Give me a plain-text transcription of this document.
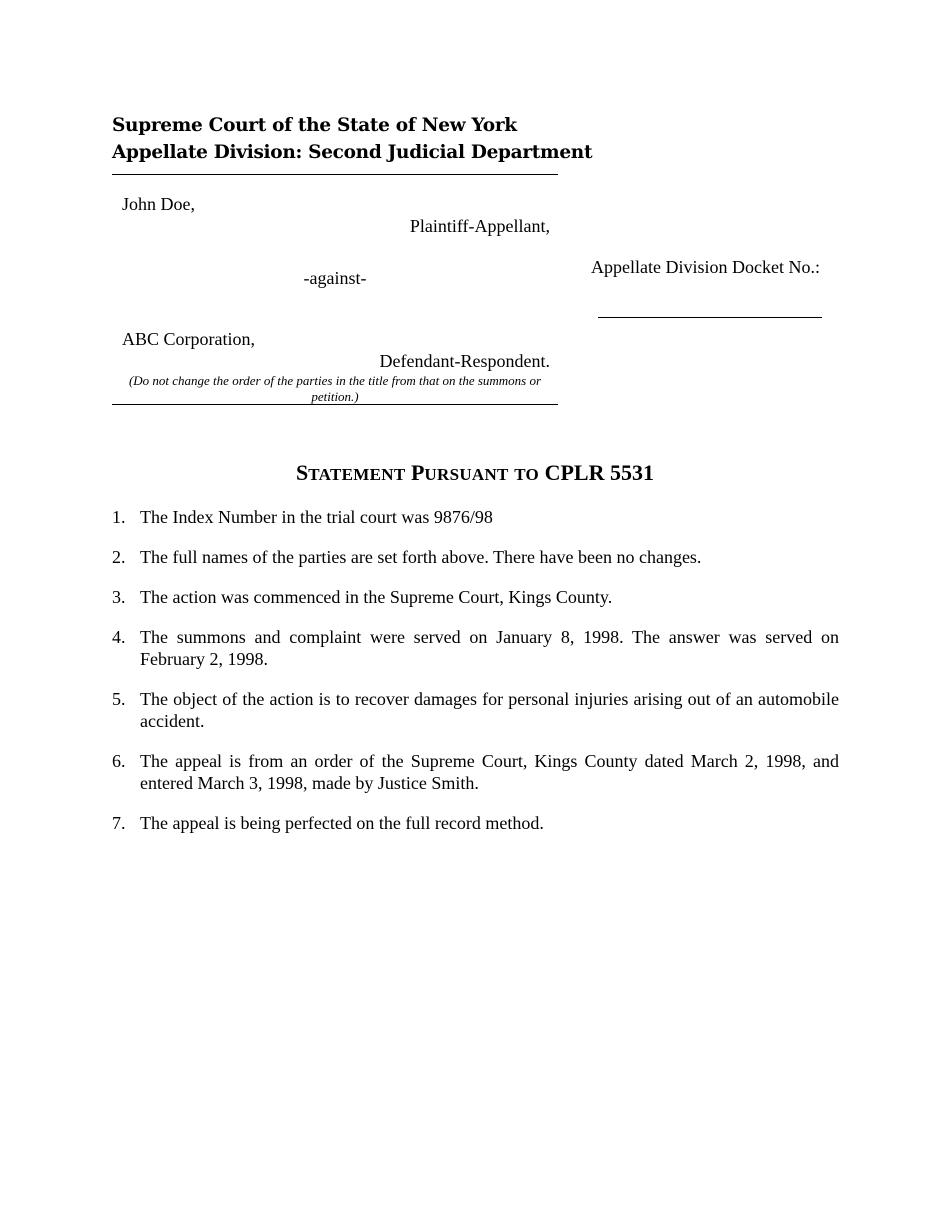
Supreme Court of the State of New York
Appellate Division: Second Judicial Department
John Doe,
Plaintiff-Appellant,
-against-
ABC Corporation,
Defendant-Respondent.
(Do not change the order of the parties in the title from that on the summons or petition.)
Appellate Division Docket No.:
STATEMENT PURSUANT TO CPLR 5531
1. The Index Number in the trial court was 9876/98
2. The full names of the parties are set forth above. There have been no changes.
3. The action was commenced in the Supreme Court, Kings County.
4. The summons and complaint were served on January 8, 1998. The answer was served on February 2, 1998.
5. The object of the action is to recover damages for personal injuries arising out of an automobile accident.
6. The appeal is from an order of the Supreme Court, Kings County dated March 2, 1998, and entered March 3, 1998, made by Justice Smith.
7. The appeal is being perfected on the full record method.
